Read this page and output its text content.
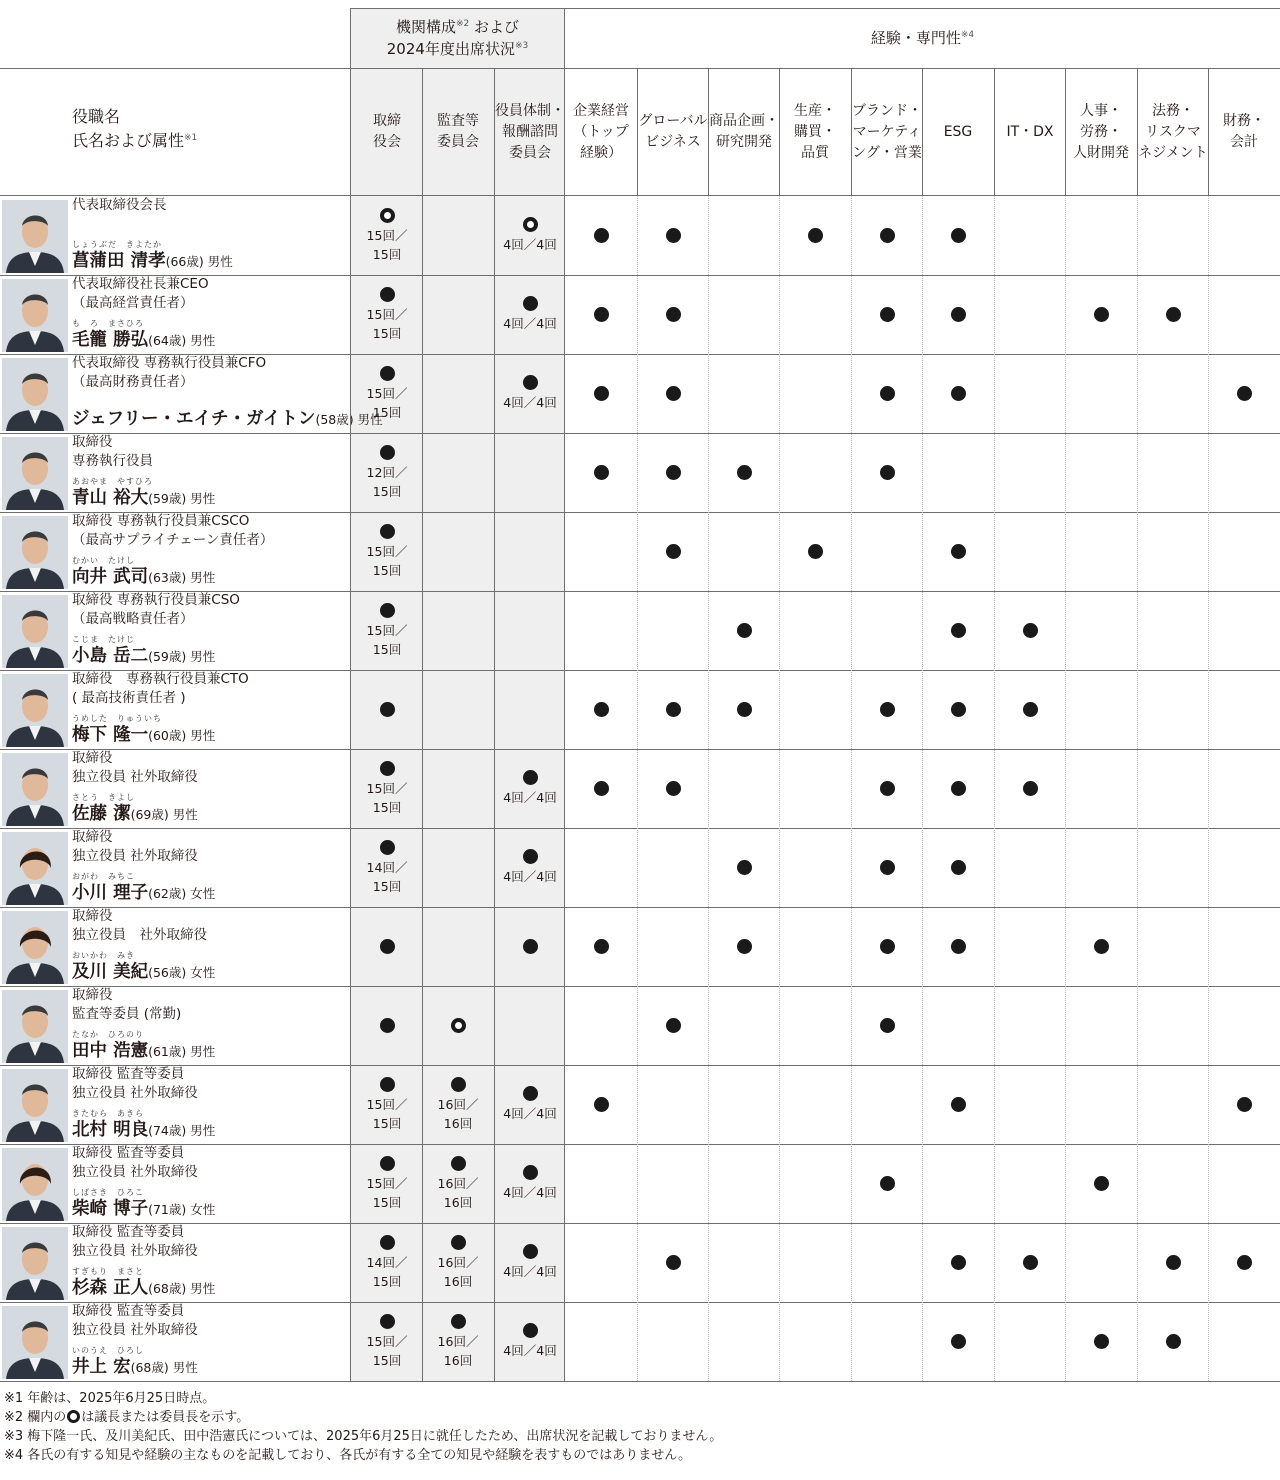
機関構成$^{※2}$ および
2024年度出席状況$^{※3}$	経験・専門性$^{※4}$
役職名
氏名および属性$^{※1}$
取締
役会
監査等
委員会
役員体制・
報酬諮問
委員会
企業経営
（トップ
経験）
グローバル
ビジネス
商品企画・
研究開発
生産・
購買・
品質
ブランド・
マーケティ
ング・営業
ESG	IT・DX
人事・
労務・
人財開発
法務・
リスクマ
ネジメント
財務・
会計
代表取締役会長
しょうぶだ　きよたか
菖蒲田 清孝(66歳) 男性
15回／
15回
4回／4回
代表取締役社長兼CEO
（最高経営責任者）
も　ろ　まさひろ
毛籠 勝弘(64歳) 男性
15回／
15回
4回／4回
代表取締役 専務執行役員兼CFO
（最高財務責任者）
ジェフリー・エイチ・ガイトン(58歳) 男性
15回／
15回
4回／4回
取締役
専務執行役員
あおやま　やすひろ
青山 裕大(59歳) 男性
12回／
15回
取締役 専務執行役員兼CSCO
（最高サプライチェーン責任者）
むかい　たけし
向井 武司(63歳) 男性
15回／
15回
取締役 専務執行役員兼CSO
（最高戦略責任者）
こじま　たけじ
小島 岳二(59歳) 男性
15回／
15回
取締役　専務執行役員兼CTO
( 最高技術責任者 )
うめした　りゅういち
梅下 隆一(60歳) 男性
取締役
独立役員 社外取締役
さとう　きよし
佐藤 潔(69歳) 男性
15回／
15回
4回／4回
取締役
独立役員 社外取締役
おがわ　みちこ
小川 理子(62歳) 女性
14回／
15回
4回／4回
取締役
独立役員　社外取締役
おいかわ　みき
及川 美紀(56歳) 女性
取締役
監査等委員 (常勤)
たなか　ひろのり
田中 浩憲(61歳) 男性
取締役 監査等委員
独立役員 社外取締役
きたむら　あきら
北村 明良(74歳) 男性
15回／
15回
16回／
16回
4回／4回
取締役 監査等委員
独立役員 社外取締役
しばさき　ひろこ
柴崎 博子(71歳) 女性
15回／
15回
16回／
16回
4回／4回
取締役 監査等委員
独立役員 社外取締役
すぎもり　まさと
杉森 正人(68歳) 男性
14回／
15回
16回／
16回
4回／4回
取締役 監査等委員
独立役員 社外取締役
いのうえ　ひろし
井上 宏(68歳) 男性
15回／
15回
16回／
16回
4回／4回
※1 年齢は、2025年6月25日時点。
※2 欄内の は議長または委員長を示す。
※3 梅下隆一氏、及川美紀氏、田中浩憲氏については、2025年6月25日に就任したため、出席状況を記載しておりません。
※4 各氏の有する知見や経験の主なものを記載しており、各氏が有する全ての知見や経験を表すものではありません。
